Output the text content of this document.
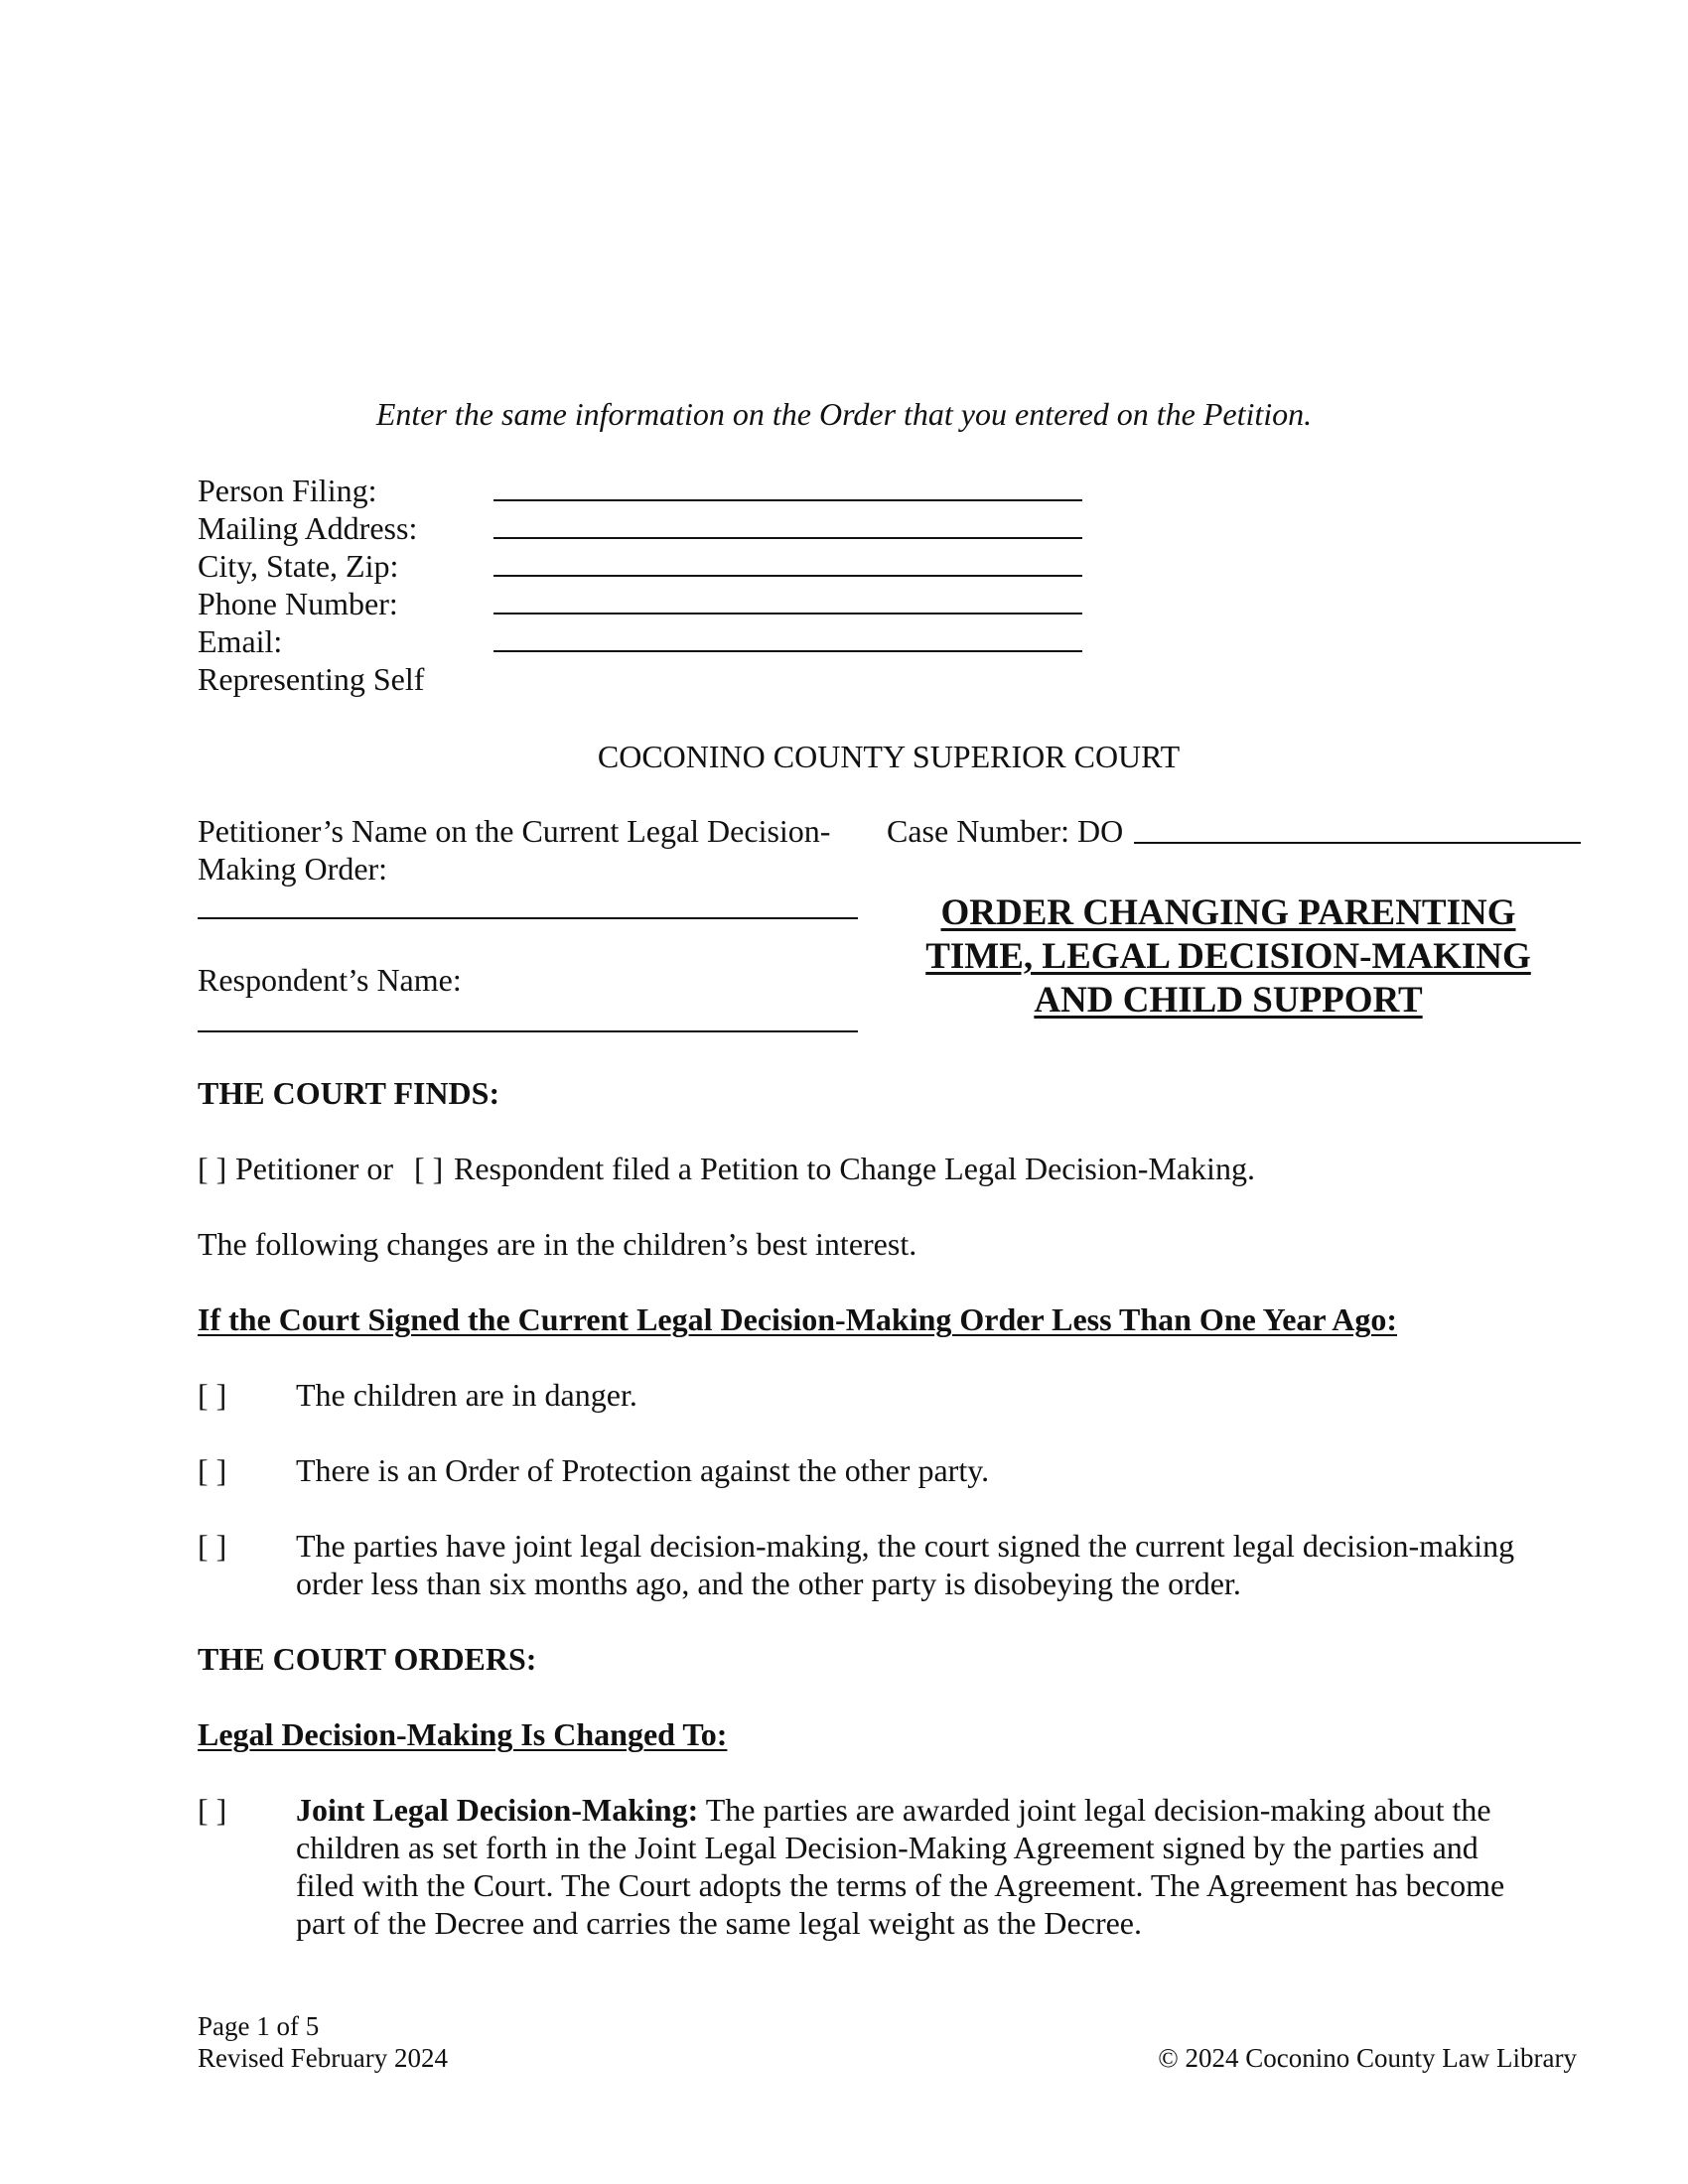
Enter the same information on the Order that you entered on the Petition.
Person Filing:
Mailing Address:
City, State, Zip:
Phone Number:
Email:
Representing Self
COCONINO COUNTY SUPERIOR COURT
Petitioner’s Name on the Current Legal Decision-
Making Order:
Respondent’s Name:
Case Number: DO
ORDER CHANGING PARENTING
TIME, LEGAL DECISION-MAKING
AND CHILD SUPPORT
THE COURT FINDS:
[ ] Petitioner or [ ] Respondent filed a Petition to Change Legal Decision-Making.
The following changes are in the children’s best interest.
If the Court Signed the Current Legal Decision-Making Order Less Than One Year Ago:
[ ] The children are in danger.
[ ] There is an Order of Protection against the other party.
[ ] The parties have joint legal decision-making, the court signed the current legal decision-making
order less than six months ago, and the other party is disobeying the order.
THE COURT ORDERS:
Legal Decision-Making Is Changed To:
[ ] Joint Legal Decision-Making: The parties are awarded joint legal decision-making about the
children as set forth in the Joint Legal Decision-Making Agreement signed by the parties and
filed with the Court. The Court adopts the terms of the Agreement. The Agreement has become
part of the Decree and carries the same legal weight as the Decree.
Page 1 of 5
Revised February 2024	© 2024 Coconino County Law Library
